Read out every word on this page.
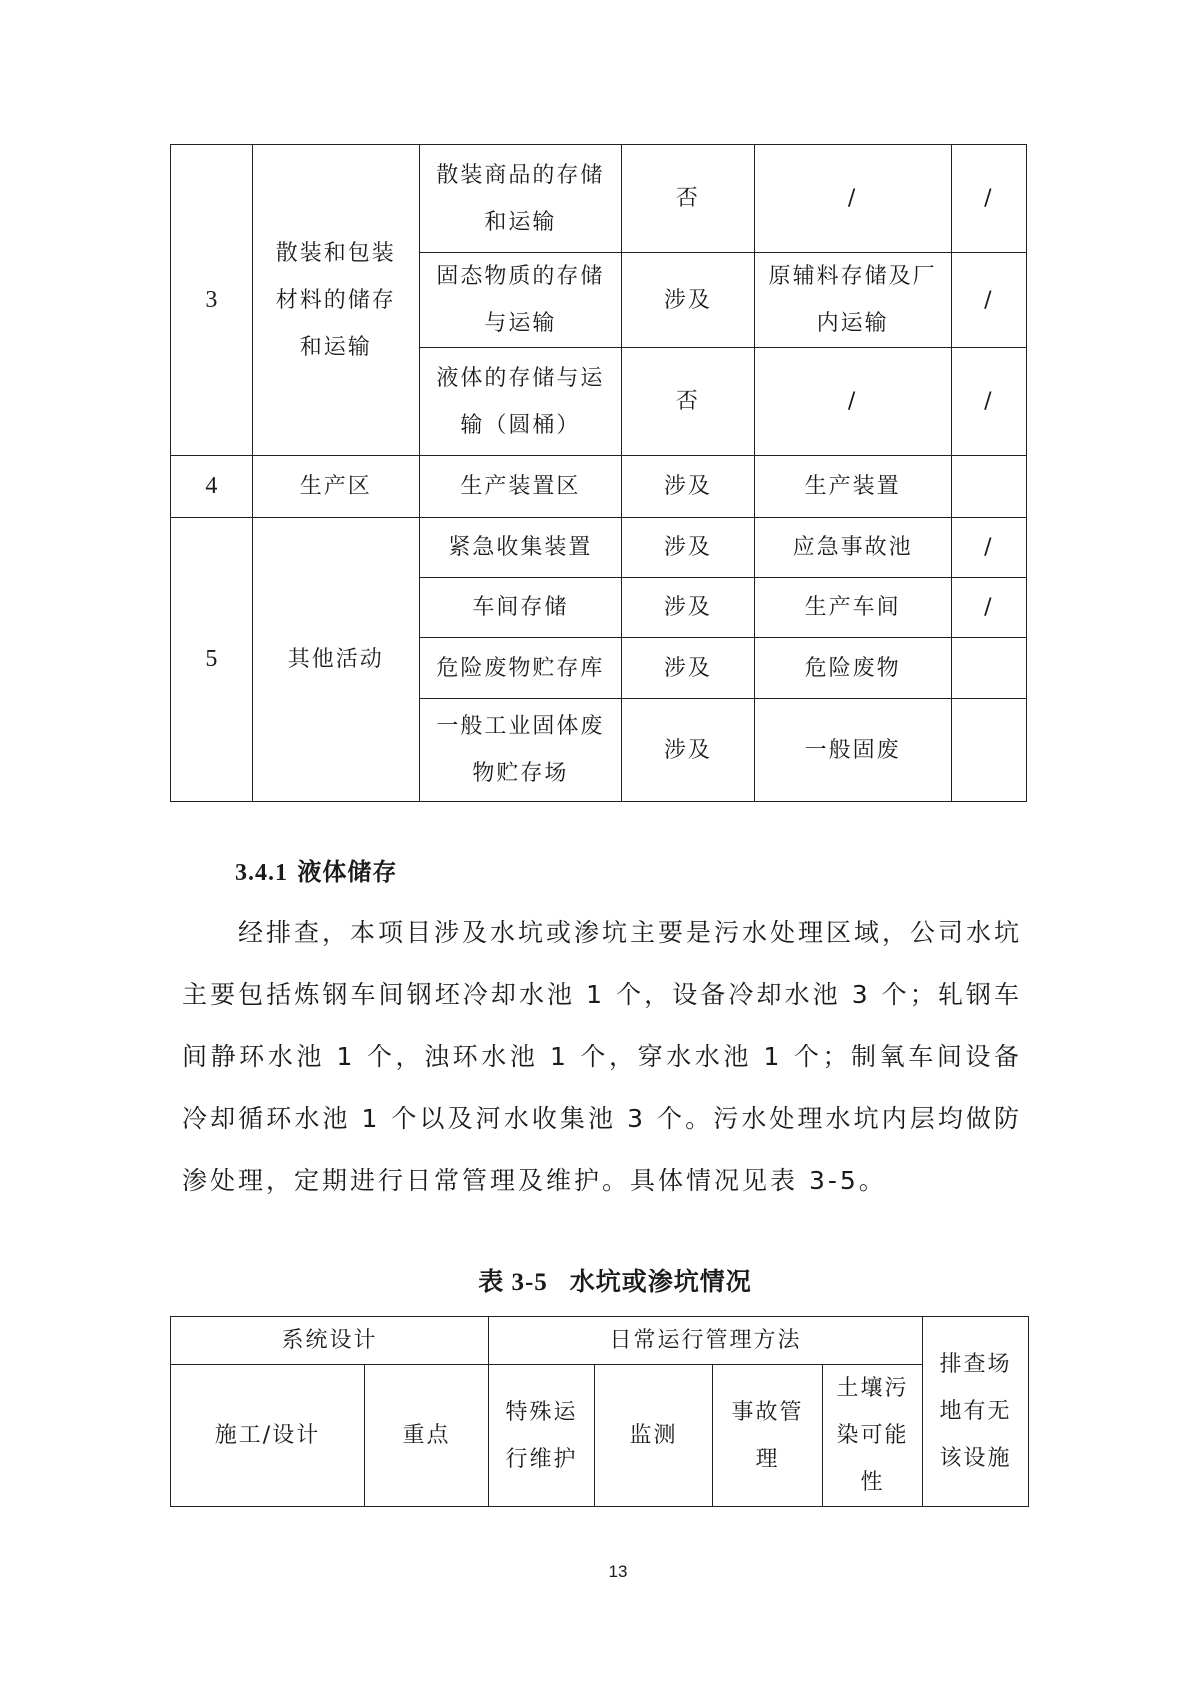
3	散装和包装材料的储存和运输	散装商品的存储和运输	否	/	/
		固态物质的存储与运输	涉及	原辅料存储及厂内运输	/
		液体的存储与运输（圆桶）	否	/	/
4	生产区	生产装置区	涉及	生产装置	
5	其他活动	紧急收集装置	涉及	应急事故池	/
		车间存储	涉及	生产车间	/
		危险废物贮存库	涉及	危险废物	
		一般工业固体废物贮存场	涉及	一般固废	
3.4.1 液体储存

经排查，本项目涉及水坑或渗坑主要是污水处理区域，公司水坑主要包括炼钢车间钢坯冷却水池 1 个，设备冷却水池 3 个；轧钢车间静环水池 1 个，浊环水池 1 个，穿水水池 1 个；制氧车间设备冷却循环水池 1 个以及河水收集池 3 个。污水处理水坑内层均做防渗处理，定期进行日常管理及维护。具体情况见表 3-5。

表 3-5 水坑或渗坑情况
系统设计		日常运行管理方法				排查场地有无该设施
施工/设计	重点	特殊运行维护	监测	事故管理	土壤污染可能性	
13
